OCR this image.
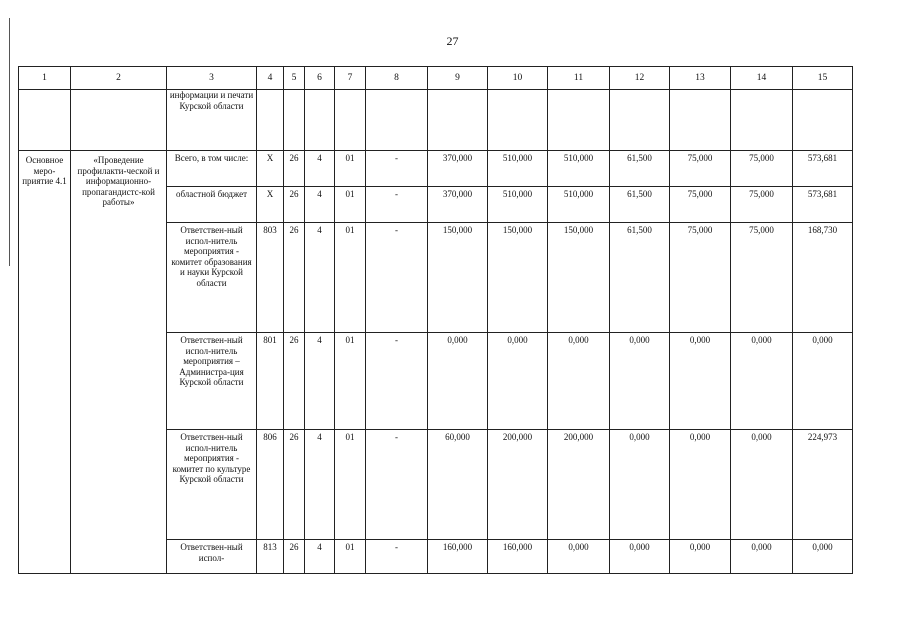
27
1	2	3	4	5	6	7	8	9	10	11	12	13	14	15
		информации и печати Курской области												
Основное меро-приятие 4.1	«Проведение профилакти-ческой и информационно-пропагандистс-кой работы»	Всего, в том числе:	X	26	4	01	-	370,000	510,000	510,000	61,500	75,000	75,000	573,681
		областной бюджет	X	26	4	01	-	370,000	510,000	510,000	61,500	75,000	75,000	573,681
		Ответствен-ный испол-нитель мероприятия - комитет образования и науки Курской области	803	26	4	01	-	150,000	150,000	150,000	61,500	75,000	75,000	168,730
		Ответствен-ный испол-нитель мероприятия – Администра-ция Курской области	801	26	4	01	-	0,000	0,000	0,000	0,000	0,000	0,000	0,000
		Ответствен-ный испол-нитель мероприятия - комитет по культуре Курской области	806	26	4	01	-	60,000	200,000	200,000	0,000	0,000	0,000	224,973
		Ответствен-ный испол-	813	26	4	01	-	160,000	160,000	0,000	0,000	0,000	0,000	0,000
